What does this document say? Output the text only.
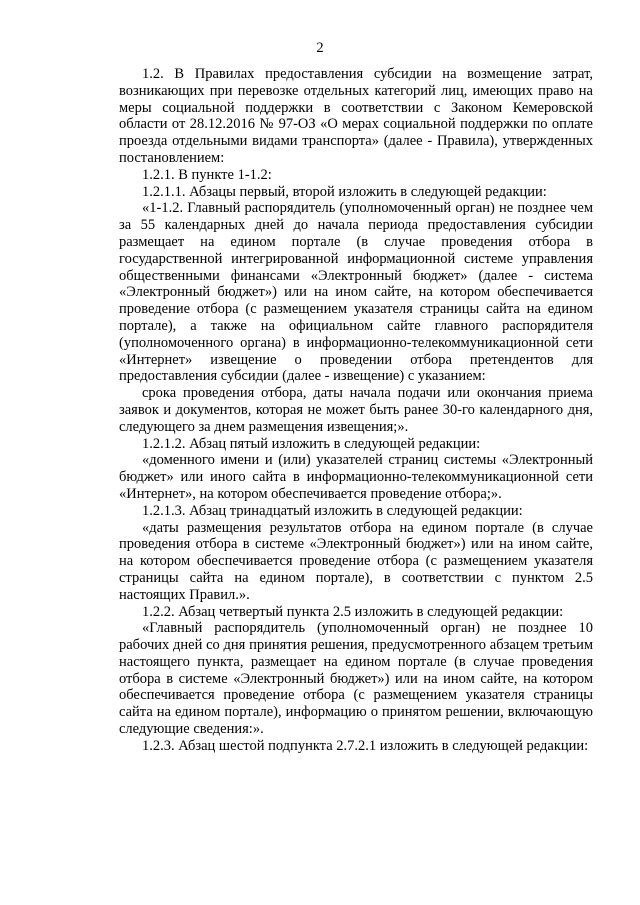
2

1.2. В Правилах предоставления субсидии на возмещение затрат, возникающих при перевозке отдельных категорий лиц, имеющих право на меры социальной поддержки в соответствии с Законом Кемеровской области от 28.12.2016 № 97-ОЗ «О мерах социальной поддержки по оплате проезда отдельными видами транспорта» (далее - Правила), утвержденных постановлением:

1.2.1. В пункте 1-1.2:

1.2.1.1. Абзацы первый, второй изложить в следующей редакции:

«1-1.2. Главный распорядитель (уполномоченный орган) не позднее чем за 55 календарных дней до начала периода предоставления субсидии размещает на едином портале (в случае проведения отбора в государственной интегрированной информационной системе управления общественными финансами «Электронный бюджет» (далее - система «Электронный бюджет») или на ином сайте, на котором обеспечивается проведение отбора (с размещением указателя страницы сайта на едином портале), а также на официальном сайте главного распорядителя (уполномоченного органа) в информационно-телекоммуникационной сети «Интернет» извещение о проведении отбора претендентов для предоставления субсидии (далее - извещение) с указанием:

срока проведения отбора, даты начала подачи или окончания приема заявок и документов, которая не может быть ранее 30-го календарного дня, следующего за днем размещения извещения;».

1.2.1.2. Абзац пятый изложить в следующей редакции:

«доменного имени и (или) указателей страниц системы «Электронный бюджет» или иного сайта в информационно-телекоммуникационной сети «Интернет», на котором обеспечивается проведение отбора;».

1.2.1.3. Абзац тринадцатый изложить в следующей редакции:

«даты размещения результатов отбора на едином портале (в случае проведения отбора в системе «Электронный бюджет») или на ином сайте, на котором обеспечивается проведение отбора (с размещением указателя страницы сайта на едином портале), в соответствии с пунктом 2.5 настоящих Правил.».

1.2.2. Абзац четвертый пункта 2.5 изложить в следующей редакции:

«Главный распорядитель (уполномоченный орган) не позднее 10 рабочих дней со дня принятия решения, предусмотренного абзацем третьим настоящего пункта, размещает на едином портале (в случае проведения отбора в системе «Электронный бюджет») или на ином сайте, на котором обеспечивается проведение отбора (с размещением указателя страницы сайта на едином портале), информацию о принятом решении, включающую следующие сведения:».

1.2.3. Абзац шестой подпункта 2.7.2.1 изложить в следующей редакции:
